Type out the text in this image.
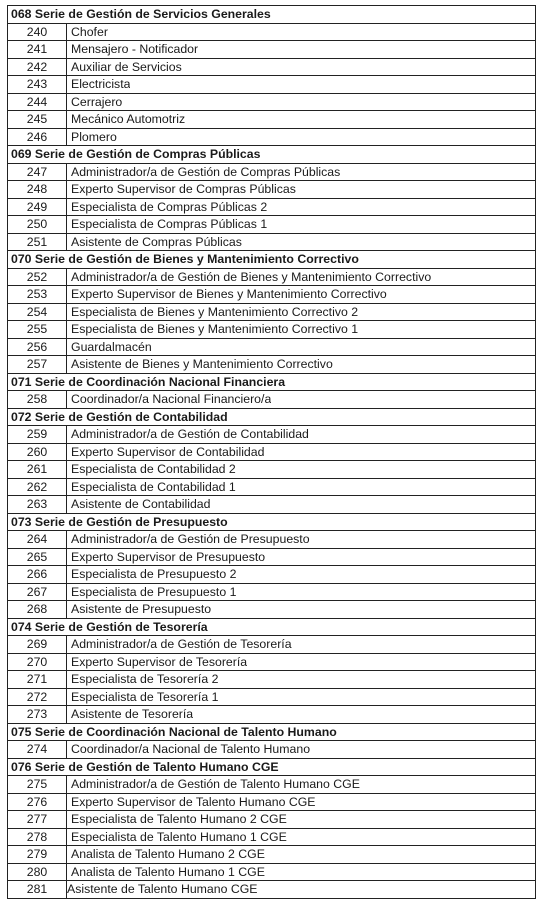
068 Serie de Gestión de Servicios Generales
240	Chofer
241	Mensajero - Notificador
242	Auxiliar de Servicios
243	Electricista
244	Cerrajero
245	Mecánico Automotriz
246	Plomero
069 Serie de Gestión de Compras Públicas
247	Administrador/a de Gestión de Compras Públicas
248	Experto Supervisor de Compras Públicas
249	Especialista de Compras Públicas 2
250	Especialista de Compras Públicas 1
251	Asistente de Compras Públicas
070 Serie de Gestión de Bienes y Mantenimiento Correctivo
252	Administrador/a de Gestión de Bienes y Mantenimiento Correctivo
253	Experto Supervisor de Bienes y Mantenimiento Correctivo
254	Especialista de Bienes y Mantenimiento Correctivo 2
255	Especialista de Bienes y Mantenimiento Correctivo 1
256	Guardalmacén
257	Asistente de Bienes y Mantenimiento Correctivo
071 Serie de Coordinación Nacional Financiera
258	Coordinador/a Nacional Financiero/a
072 Serie de Gestión de Contabilidad
259	Administrador/a de Gestión de Contabilidad
260	Experto Supervisor de Contabilidad
261	Especialista de Contabilidad 2
262	Especialista de Contabilidad 1
263	Asistente de Contabilidad
073 Serie de Gestión de Presupuesto
264	Administrador/a de Gestión de Presupuesto
265	Experto Supervisor de Presupuesto
266	Especialista de Presupuesto 2
267	Especialista de Presupuesto 1
268	Asistente de Presupuesto
074 Serie de Gestión de Tesorería
269	Administrador/a de Gestión de Tesorería
270	Experto Supervisor de Tesorería
271	Especialista de Tesorería 2
272	Especialista de Tesorería 1
273	Asistente de Tesorería
075 Serie de Coordinación Nacional de Talento Humano
274	Coordinador/a Nacional de Talento Humano
076 Serie de Gestión de Talento Humano CGE
275	Administrador/a de Gestión de Talento Humano CGE
276	Experto Supervisor de Talento Humano CGE
277	Especialista de Talento Humano 2 CGE
278	Especialista de Talento Humano 1 CGE
279	Analista de Talento Humano 2 CGE
280	Analista de Talento Humano 1 CGE
281	Asistente de Talento Humano CGE
